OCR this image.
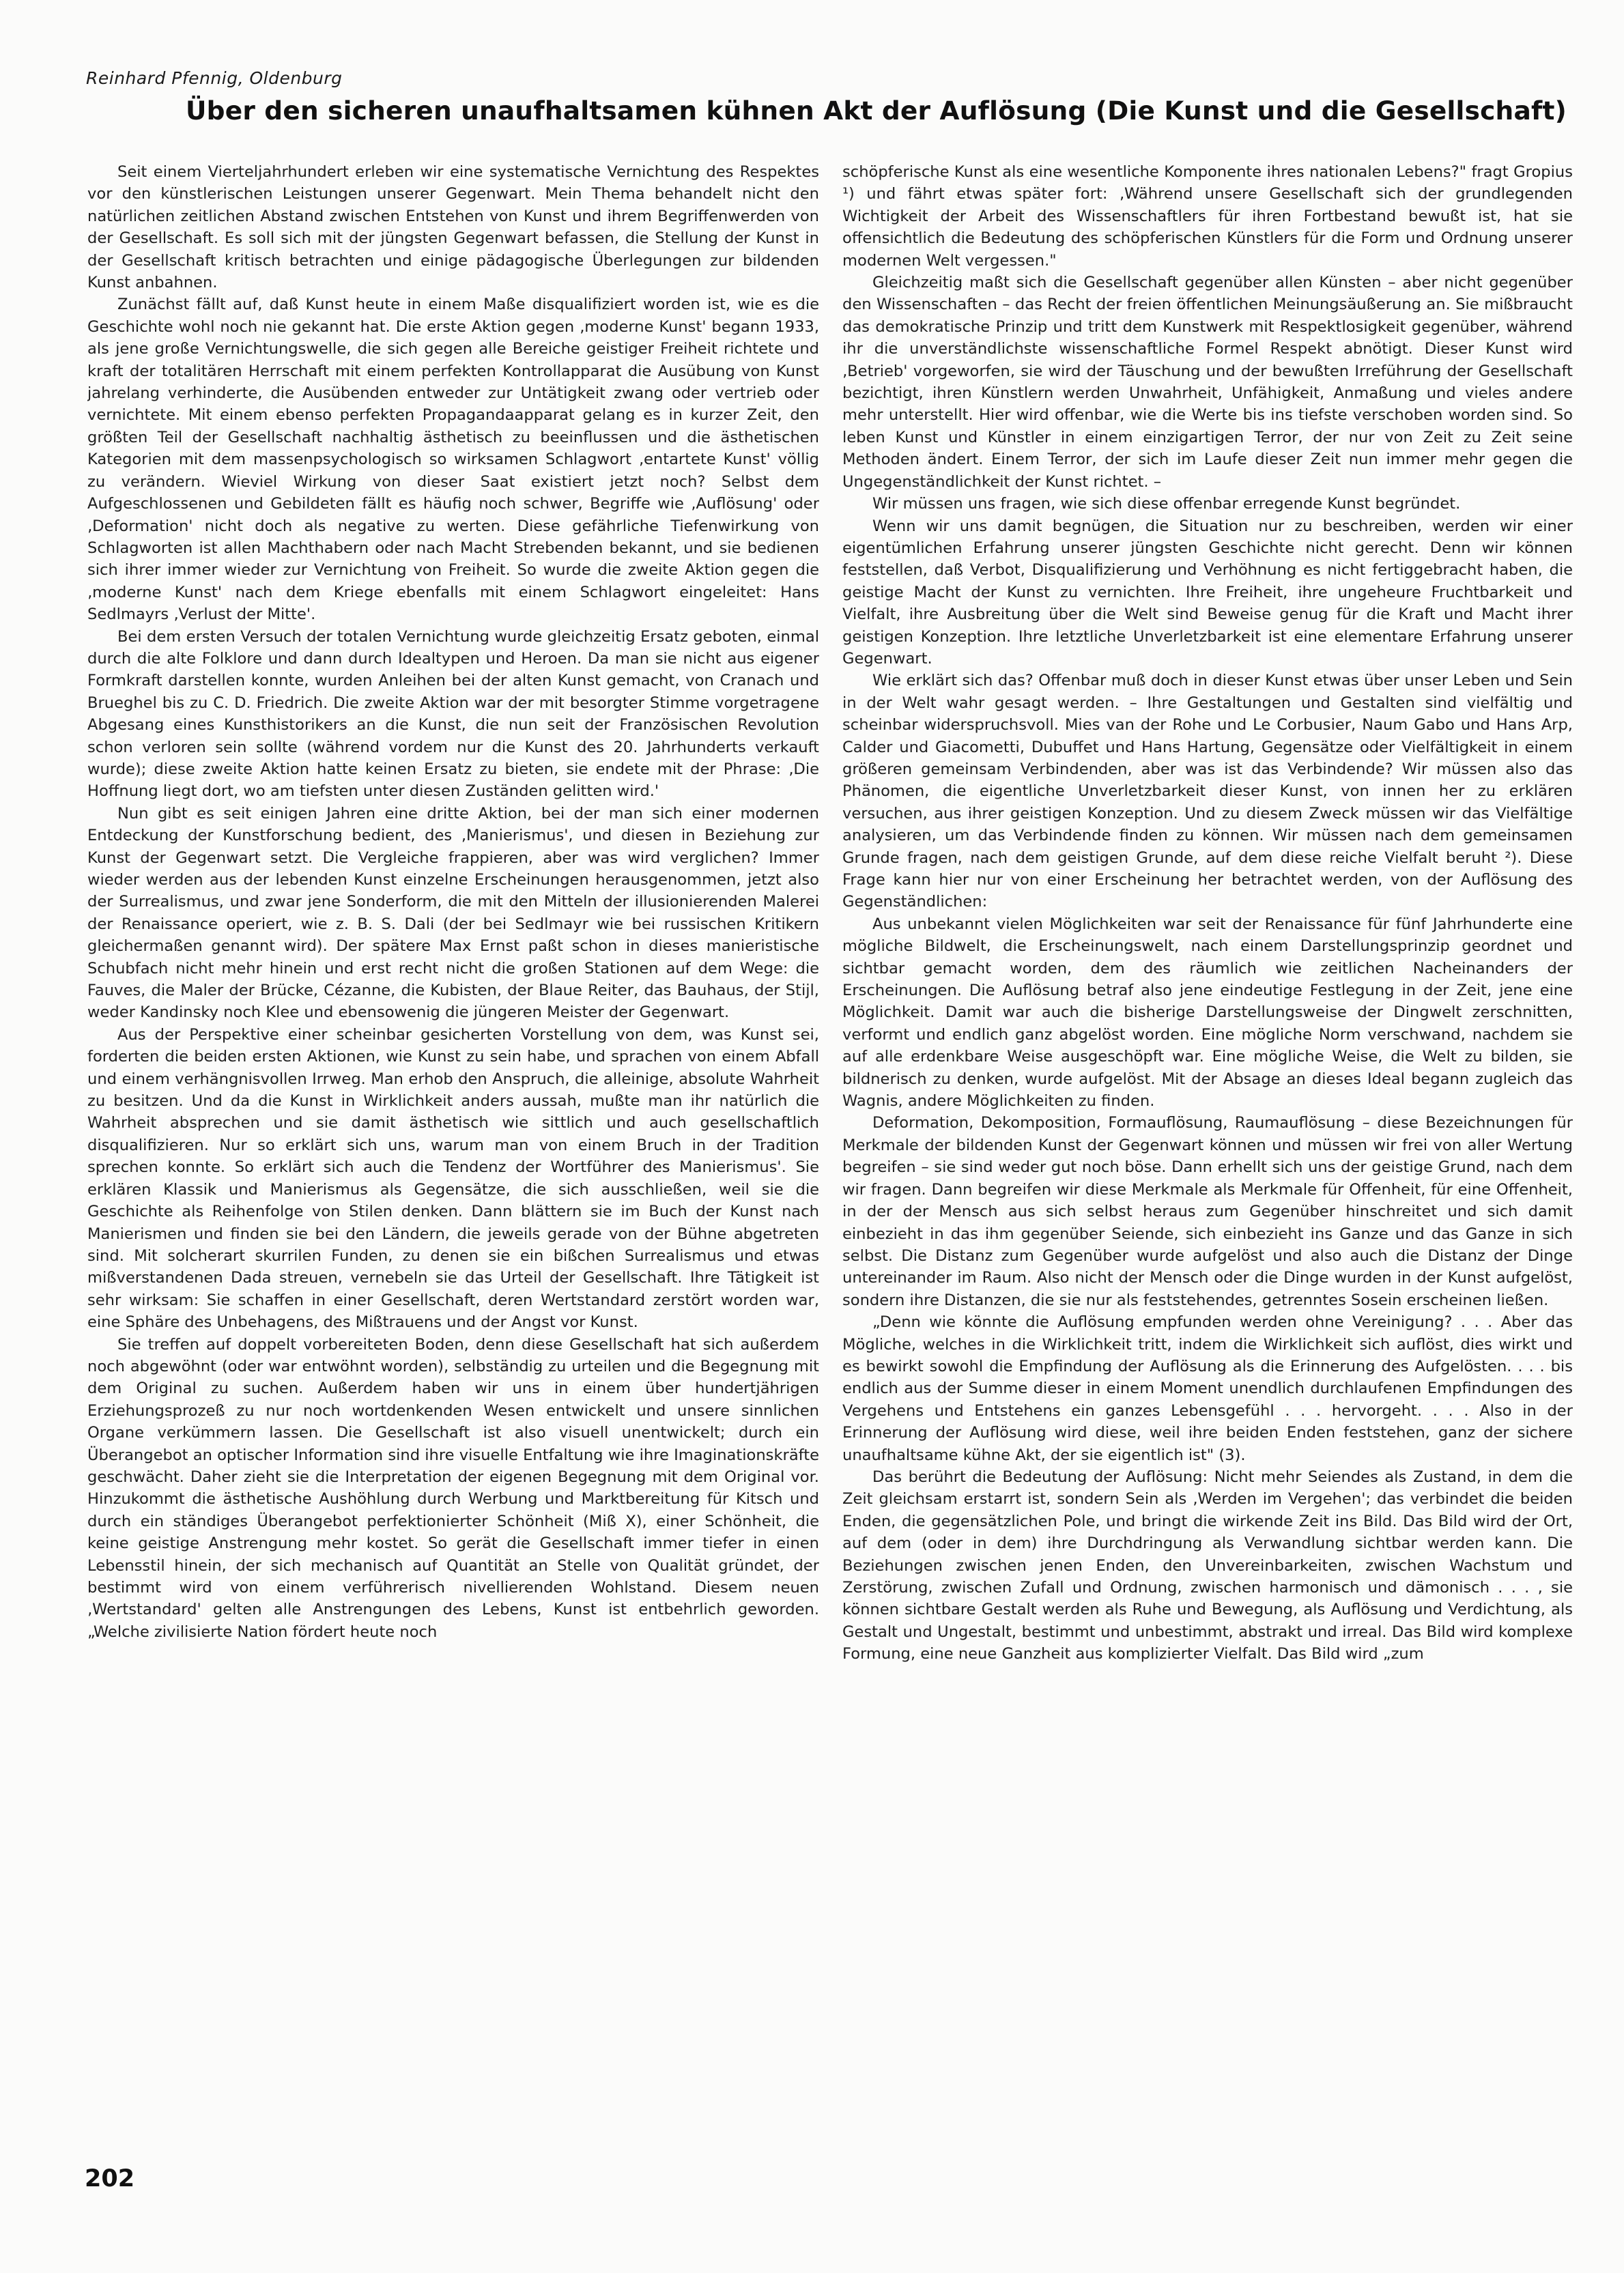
Reinhard Pfennig, Oldenburg
Über den sicheren unaufhaltsamen kühnen Akt der Auflösung (Die Kunst und die Gesellschaft)

Seit einem Vierteljahrhundert erleben wir eine systematische Vernichtung des Respektes vor den künstlerischen Leistungen unserer Gegenwart. Mein Thema behandelt nicht den natürlichen zeitlichen Abstand zwischen Entstehen von Kunst und ihrem Begriffenwerden von der Gesellschaft. Es soll sich mit der jüngsten Gegenwart befassen, die Stellung der Kunst in der Gesellschaft kritisch betrachten und einige pädagogische Überlegungen zur bildenden Kunst anbahnen.

Zunächst fällt auf, daß Kunst heute in einem Maße disqualifiziert worden ist, wie es die Geschichte wohl noch nie gekannt hat. Die erste Aktion gegen ‚moderne Kunst' begann 1933, als jene große Vernichtungswelle, die sich gegen alle Bereiche geistiger Freiheit richtete und kraft der totalitären Herrschaft mit einem perfekten Kontrollapparat die Ausübung von Kunst jahrelang verhinderte, die Ausübenden entweder zur Untätigkeit zwang oder vertrieb oder vernichtete. Mit einem ebenso perfekten Propagandaapparat gelang es in kurzer Zeit, den größten Teil der Gesellschaft nachhaltig ästhetisch zu beeinflussen und die ästhetischen Kategorien mit dem massenpsychologisch so wirksamen Schlagwort ‚entartete Kunst' völlig zu verändern. Wieviel Wirkung von dieser Saat existiert jetzt noch? Selbst dem Aufgeschlossenen und Gebildeten fällt es häufig noch schwer, Begriffe wie ‚Auflösung' oder ‚Deformation' nicht doch als negative zu werten. Diese gefährliche Tiefenwirkung von Schlagworten ist allen Machthabern oder nach Macht Strebenden bekannt, und sie bedienen sich ihrer immer wieder zur Vernichtung von Freiheit. So wurde die zweite Aktion gegen die ‚moderne Kunst' nach dem Kriege ebenfalls mit einem Schlagwort eingeleitet: Hans Sedlmayrs ‚Verlust der Mitte'.

Bei dem ersten Versuch der totalen Vernichtung wurde gleichzeitig Ersatz geboten, einmal durch die alte Folklore und dann durch Idealtypen und Heroen. Da man sie nicht aus eigener Formkraft darstellen konnte, wurden Anleihen bei der alten Kunst gemacht, von Cranach und Brueghel bis zu C. D. Friedrich. Die zweite Aktion war der mit besorgter Stimme vorgetragene Abgesang eines Kunsthistorikers an die Kunst, die nun seit der Französischen Revolution schon verloren sein sollte (während vordem nur die Kunst des 20. Jahrhunderts verkauft wurde); diese zweite Aktion hatte keinen Ersatz zu bieten, sie endete mit der Phrase: ‚Die Hoffnung liegt dort, wo am tiefsten unter diesen Zuständen gelitten wird.'

Nun gibt es seit einigen Jahren eine dritte Aktion, bei der man sich einer modernen Entdeckung der Kunstforschung bedient, des ‚Manierismus', und diesen in Beziehung zur Kunst der Gegenwart setzt. Die Vergleiche frappieren, aber was wird verglichen? Immer wieder werden aus der lebenden Kunst einzelne Erscheinungen herausgenommen, jetzt also der Surrealismus, und zwar jene Sonderform, die mit den Mitteln der illusionierenden Malerei der Renaissance operiert, wie z. B. S. Dali (der bei Sedlmayr wie bei russischen Kritikern gleichermaßen genannt wird). Der spätere Max Ernst paßt schon in dieses manieristische Schubfach nicht mehr hinein und erst recht nicht die großen Stationen auf dem Wege: die Fauves, die Maler der Brücke, Cézanne, die Kubisten, der Blaue Reiter, das Bauhaus, der Stijl, weder Kandinsky noch Klee und ebensowenig die jüngeren Meister der Gegenwart.

Aus der Perspektive einer scheinbar gesicherten Vorstellung von dem, was Kunst sei, forderten die beiden ersten Aktionen, wie Kunst zu sein habe, und sprachen von einem Abfall und einem verhängnisvollen Irrweg. Man erhob den Anspruch, die alleinige, absolute Wahrheit zu besitzen. Und da die Kunst in Wirklichkeit anders aussah, mußte man ihr natürlich die Wahrheit absprechen und sie damit ästhetisch wie sittlich und auch gesellschaftlich disqualifizieren. Nur so erklärt sich uns, warum man von einem Bruch in der Tradition sprechen konnte. So erklärt sich auch die Tendenz der Wortführer des Manierismus'. Sie erklären Klassik und Manierismus als Gegensätze, die sich ausschließen, weil sie die Geschichte als Reihenfolge von Stilen denken. Dann blättern sie im Buch der Kunst nach Manierismen und finden sie bei den Ländern, die jeweils gerade von der Bühne abgetreten sind. Mit solcherart skurrilen Funden, zu denen sie ein bißchen Surrealismus und etwas mißverstandenen Dada streuen, vernebeln sie das Urteil der Gesellschaft. Ihre Tätigkeit ist sehr wirksam: Sie schaffen in einer Gesellschaft, deren Wertstandard zerstört worden war, eine Sphäre des Unbehagens, des Mißtrauens und der Angst vor Kunst.

Sie treffen auf doppelt vorbereiteten Boden, denn diese Gesellschaft hat sich außerdem noch abgewöhnt (oder war entwöhnt worden), selbständig zu urteilen und die Begegnung mit dem Original zu suchen. Außerdem haben wir uns in einem über hundertjährigen Erziehungsprozeß zu nur noch wortdenkenden Wesen entwickelt und unsere sinnlichen Organe verkümmern lassen. Die Gesellschaft ist also visuell unentwickelt; durch ein Überangebot an optischer Information sind ihre visuelle Entfaltung wie ihre Imaginationskräfte geschwächt. Daher zieht sie die Interpretation der eigenen Begegnung mit dem Original vor. Hinzukommt die ästhetische Aushöhlung durch Werbung und Marktbereitung für Kitsch und durch ein ständiges Überangebot perfektionierter Schönheit (Miß X), einer Schönheit, die keine geistige Anstrengung mehr kostet. So gerät die Gesellschaft immer tiefer in einen Lebensstil hinein, der sich mechanisch auf Quantität an Stelle von Qualität gründet, der bestimmt wird von einem verführerisch nivellierenden Wohlstand. Diesem neuen ‚Wertstandard' gelten alle Anstrengungen des Lebens, Kunst ist entbehrlich geworden. „Welche zivilisierte Nation fördert heute noch

schöpferische Kunst als eine wesentliche Komponente ihres nationalen Lebens?" fragt Gropius ¹) und fährt etwas später fort: ‚Während unsere Gesellschaft sich der grundlegenden Wichtigkeit der Arbeit des Wissenschaftlers für ihren Fortbestand bewußt ist, hat sie offensichtlich die Bedeutung des schöpferischen Künstlers für die Form und Ordnung unserer modernen Welt vergessen."

Gleichzeitig maßt sich die Gesellschaft gegenüber allen Künsten – aber nicht gegenüber den Wissenschaften – das Recht der freien öffentlichen Meinungsäußerung an. Sie mißbraucht das demokratische Prinzip und tritt dem Kunstwerk mit Respektlosigkeit gegenüber, während ihr die unverständlichste wissenschaftliche Formel Respekt abnötigt. Dieser Kunst wird ‚Betrieb' vorgeworfen, sie wird der Täuschung und der bewußten Irreführung der Gesellschaft bezichtigt, ihren Künstlern werden Unwahrheit, Unfähigkeit, Anmaßung und vieles andere mehr unterstellt. Hier wird offenbar, wie die Werte bis ins tiefste verschoben worden sind. So leben Kunst und Künstler in einem einzigartigen Terror, der nur von Zeit zu Zeit seine Methoden ändert. Einem Terror, der sich im Laufe dieser Zeit nun immer mehr gegen die Ungegenständlichkeit der Kunst richtet. –

Wir müssen uns fragen, wie sich diese offenbar erregende Kunst begründet.

Wenn wir uns damit begnügen, die Situation nur zu beschreiben, werden wir einer eigentümlichen Erfahrung unserer jüngsten Geschichte nicht gerecht. Denn wir können feststellen, daß Verbot, Disqualifizierung und Verhöhnung es nicht fertiggebracht haben, die geistige Macht der Kunst zu vernichten. Ihre Freiheit, ihre ungeheure Fruchtbarkeit und Vielfalt, ihre Ausbreitung über die Welt sind Beweise genug für die Kraft und Macht ihrer geistigen Konzeption. Ihre letztliche Unverletzbarkeit ist eine elementare Erfahrung unserer Gegenwart.

Wie erklärt sich das? Offenbar muß doch in dieser Kunst etwas über unser Leben und Sein in der Welt wahr gesagt werden. – Ihre Gestaltungen und Gestalten sind vielfältig und scheinbar widerspruchsvoll. Mies van der Rohe und Le Corbusier, Naum Gabo und Hans Arp, Calder und Giacometti, Dubuffet und Hans Hartung, Gegensätze oder Vielfältigkeit in einem größeren gemeinsam Verbindenden, aber was ist das Verbindende? Wir müssen also das Phänomen, die eigentliche Unverletzbarkeit dieser Kunst, von innen her zu erklären versuchen, aus ihrer geistigen Konzeption. Und zu diesem Zweck müssen wir das Vielfältige analysieren, um das Verbindende finden zu können. Wir müssen nach dem gemeinsamen Grunde fragen, nach dem geistigen Grunde, auf dem diese reiche Vielfalt beruht ²). Diese Frage kann hier nur von einer Erscheinung her betrachtet werden, von der Auflösung des Gegenständlichen:

Aus unbekannt vielen Möglichkeiten war seit der Renaissance für fünf Jahrhunderte eine mögliche Bildwelt, die Erscheinungswelt, nach einem Darstellungsprinzip geordnet und sichtbar gemacht worden, dem des räumlich wie zeitlichen Nacheinanders der Erscheinungen. Die Auflösung betraf also jene eindeutige Festlegung in der Zeit, jene eine Möglichkeit. Damit war auch die bisherige Darstellungsweise der Dingwelt zerschnitten, verformt und endlich ganz abgelöst worden. Eine mögliche Norm verschwand, nachdem sie auf alle erdenkbare Weise ausgeschöpft war. Eine mögliche Weise, die Welt zu bilden, sie bildnerisch zu denken, wurde aufgelöst. Mit der Absage an dieses Ideal begann zugleich das Wagnis, andere Möglichkeiten zu finden.

Deformation, Dekomposition, Formauflösung, Raumauflösung – diese Bezeichnungen für Merkmale der bildenden Kunst der Gegenwart können und müssen wir frei von aller Wertung begreifen – sie sind weder gut noch böse. Dann erhellt sich uns der geistige Grund, nach dem wir fragen. Dann begreifen wir diese Merkmale als Merkmale für Offenheit, für eine Offenheit, in der der Mensch aus sich selbst heraus zum Gegenüber hinschreitet und sich damit einbezieht in das ihm gegenüber Seiende, sich einbezieht ins Ganze und das Ganze in sich selbst. Die Distanz zum Gegenüber wurde aufgelöst und also auch die Distanz der Dinge untereinander im Raum. Also nicht der Mensch oder die Dinge wurden in der Kunst aufgelöst, sondern ihre Distanzen, die sie nur als feststehendes, getrenntes Sosein erscheinen ließen.

„Denn wie könnte die Auflösung empfunden werden ohne Vereinigung? . . . Aber das Mögliche, welches in die Wirklichkeit tritt, indem die Wirklichkeit sich auflöst, dies wirkt und es bewirkt sowohl die Empfindung der Auflösung als die Erinnerung des Aufgelösten. . . . bis endlich aus der Summe dieser in einem Moment unendlich durchlaufenen Empfindungen des Vergehens und Entstehens ein ganzes Lebensgefühl . . . hervorgeht. . . . Also in der Erinnerung der Auflösung wird diese, weil ihre beiden Enden feststehen, ganz der sichere unaufhaltsame kühne Akt, der sie eigentlich ist" (3).

Das berührt die Bedeutung der Auflösung: Nicht mehr Seiendes als Zustand, in dem die Zeit gleichsam erstarrt ist, sondern Sein als ‚Werden im Vergehen'; das verbindet die beiden Enden, die gegensätzlichen Pole, und bringt die wirkende Zeit ins Bild. Das Bild wird der Ort, auf dem (oder in dem) ihre Durchdringung als Verwandlung sichtbar werden kann. Die Beziehungen zwischen jenen Enden, den Unvereinbarkeiten, zwischen Wachstum und Zerstörung, zwischen Zufall und Ordnung, zwischen harmonisch und dämonisch . . . , sie können sichtbare Gestalt werden als Ruhe und Bewegung, als Auflösung und Verdichtung, als Gestalt und Ungestalt, bestimmt und unbestimmt, abstrakt und irreal. Das Bild wird komplexe Formung, eine neue Ganzheit aus komplizierter Vielfalt. Das Bild wird „zum

202
